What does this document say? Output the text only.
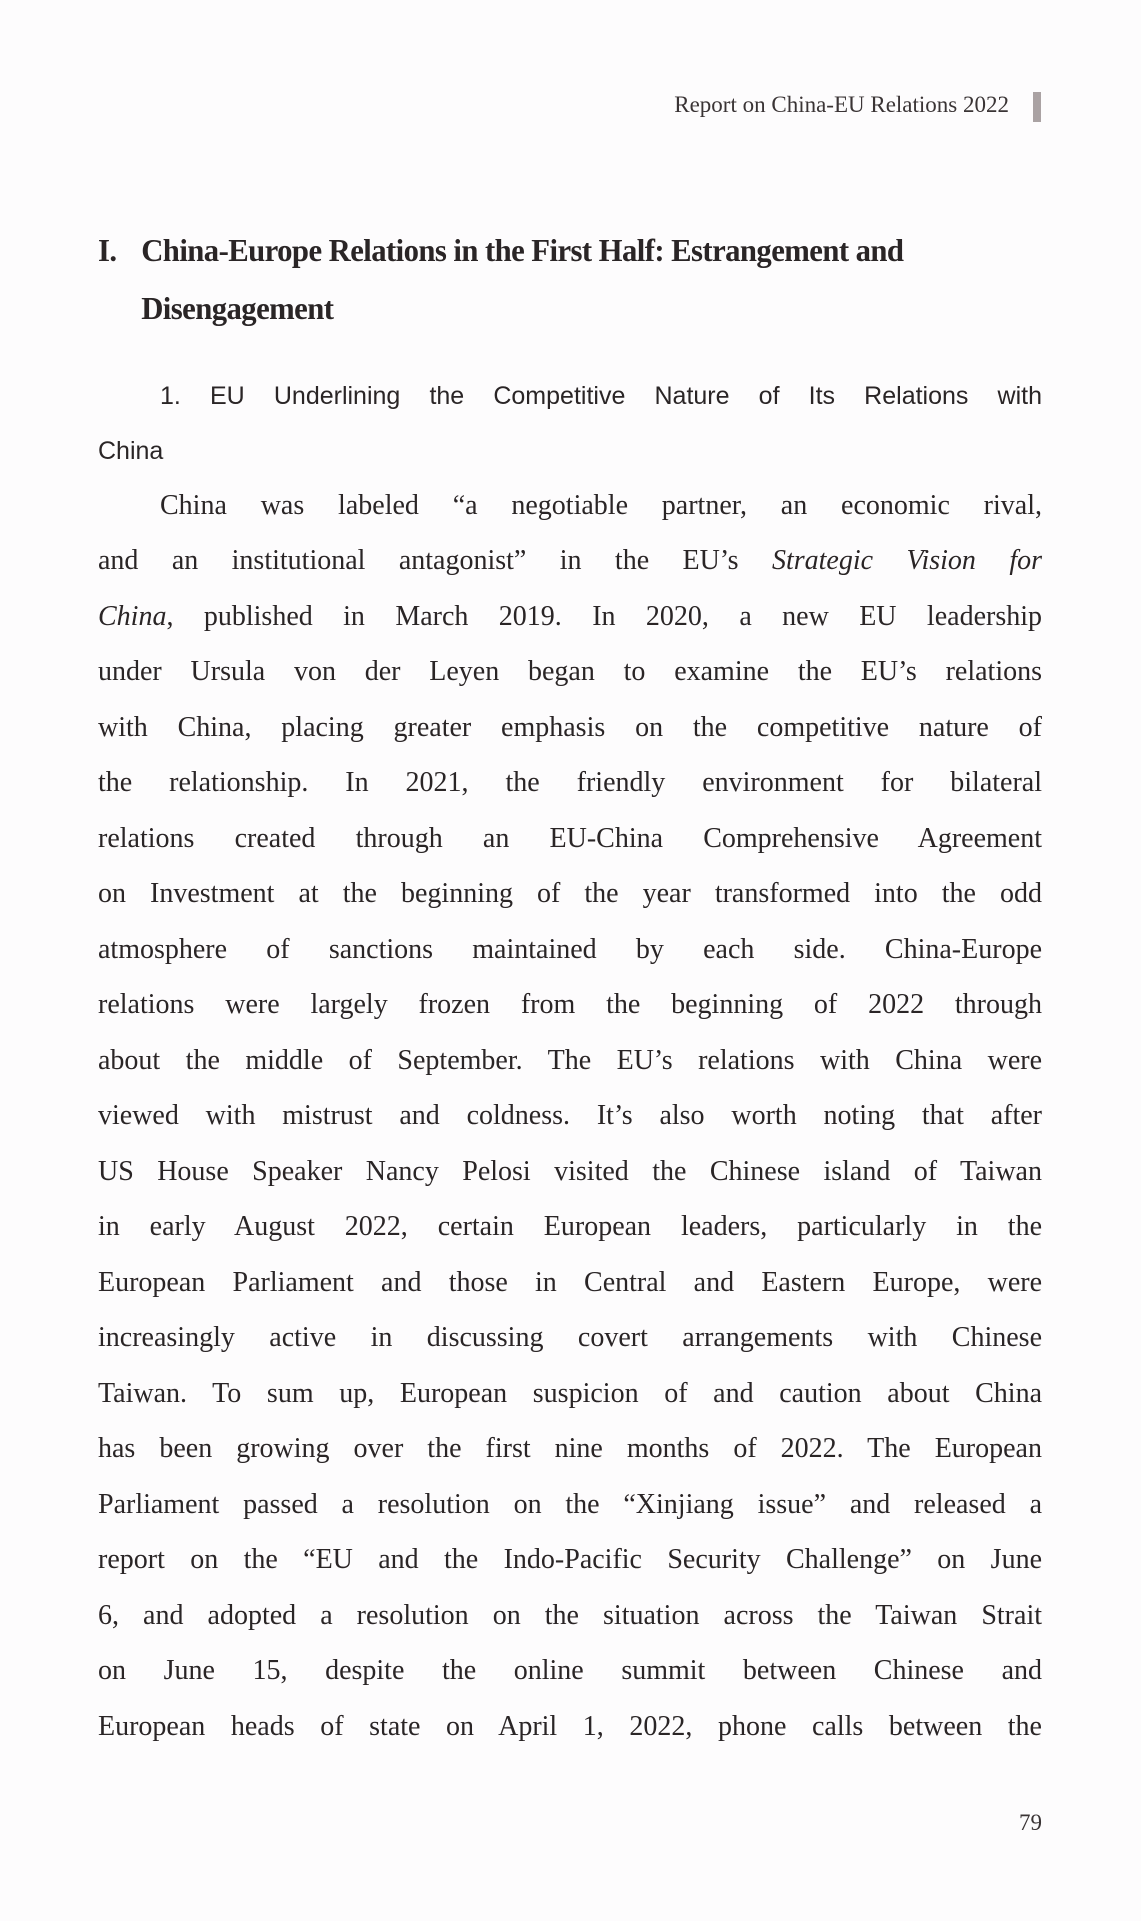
Report on China-EU Relations 2022
I. China-Europe Relations in the First Half: Estrangement and
Disengagement
1. EU Underlining the Competitive Nature of Its Relations with
China
China was labeled “a negotiable partner, an economic rival,
and an institutional antagonist” in the EU’s Strategic Vision for
China, published in March 2019. In 2020, a new EU leadership
under Ursula von der Leyen began to examine the EU’s relations
with China, placing greater emphasis on the competitive nature of
the relationship. In 2021, the friendly environment for bilateral
relations created through an EU-China Comprehensive Agreement
on Investment at the beginning of the year transformed into the odd
atmosphere of sanctions maintained by each side. China-Europe
relations were largely frozen from the beginning of 2022 through
about the middle of September. The EU’s relations with China were
viewed with mistrust and coldness. It’s also worth noting that after
US House Speaker Nancy Pelosi visited the Chinese island of Taiwan
in early August 2022, certain European leaders, particularly in the
European Parliament and those in Central and Eastern Europe, were
increasingly active in discussing covert arrangements with Chinese
Taiwan. To sum up, European suspicion of and caution about China
has been growing over the first nine months of 2022. The European
Parliament passed a resolution on the “Xinjiang issue” and released a
report on the “EU and the Indo-Pacific Security Challenge” on June
6, and adopted a resolution on the situation across the Taiwan Strait
on June 15, despite the online summit between Chinese and
European heads of state on April 1, 2022, phone calls between the
79
